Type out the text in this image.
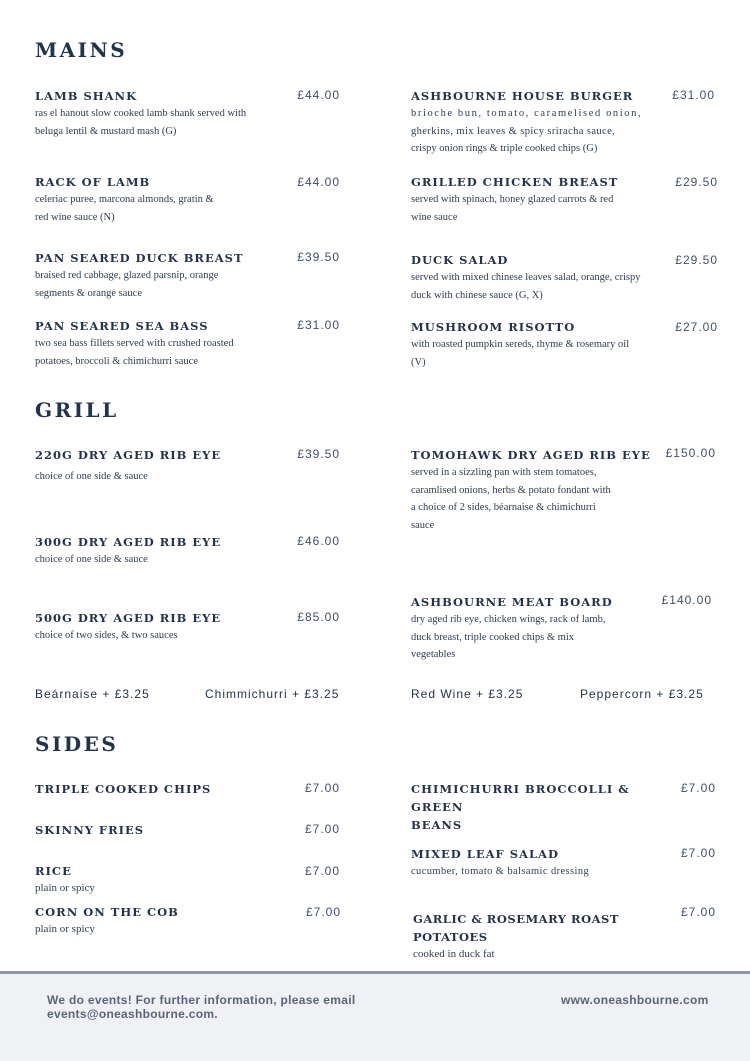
MAINS
LAMB SHANK
ras el hanout slow cooked lamb shank served with
beluga lentil & mustard mash (G)
£44.00
RACK OF LAMB
celeriac puree, marcona almonds, gratin &
red wine sauce (N)
£44.00
PAN SEARED DUCK BREAST
braised red cabbage, glazed parsnip, orange
segments & orange sauce
£39.50
PAN SEARED SEA BASS
two sea bass fillets served with crushed roasted
potatoes, broccoli & chimichurri sauce
£31.00
ASHBOURNE HOUSE BURGER
brioche bun, tomato, caramelised onion,
gherkins, mix leaves & spicy sriracha sauce,
crispy onion rings & triple cooked chips (G)
£31.00
GRILLED CHICKEN BREAST
served with spinach, honey glazed carrots & red
wine sauce
£29.50
DUCK SALAD
served with mixed chinese leaves salad, orange, crispy
duck with chinese sauce (G, X)
£29.50
MUSHROOM RISOTTO
with roasted pumpkin sereds, thyme & rosemary oil
(V)
£27.00
GRILL
220G DRY AGED RIB EYE
choice of one side & sauce
£39.50
300G DRY AGED RIB EYE
choice of one side & sauce
£46.00
500G DRY AGED RIB EYE
choice of two sides, & two sauces
£85.00
TOMOHAWK DRY AGED RIB EYE
served in a sizzling pan with stem tomatoes,
caramlised onions, herbs & potato fondant with
a choice of 2 sides, béarnaise & chimichurri
sauce
£150.00
ASHBOURNE MEAT BOARD
dry aged rib eye, chicken wings, rack of lamb,
duck breast, triple cooked chips & mix
vegetables
£140.00
Beárnaise + £3.25	Chimmichurri + £3.25	Red Wine + £3.25	Peppercorn + £3.25
SIDES
TRIPLE COOKED CHIPS	£7.00
SKINNY FRIES	£7.00
RICE
plain or spicy
£7.00
CORN ON THE COB
plain or spicy
£7.00
CHIMICHURRI BROCCOLLI & GREEN
BEANS
£7.00
MIXED LEAF SALAD
cucumber, tomato & balsamic dressing
£7.00
GARLIC & ROSEMARY ROAST POTATOES
cooked in duck fat
£7.00
We do events! For further information, please email
events@oneashbourne.com.
www.oneashbourne.com
